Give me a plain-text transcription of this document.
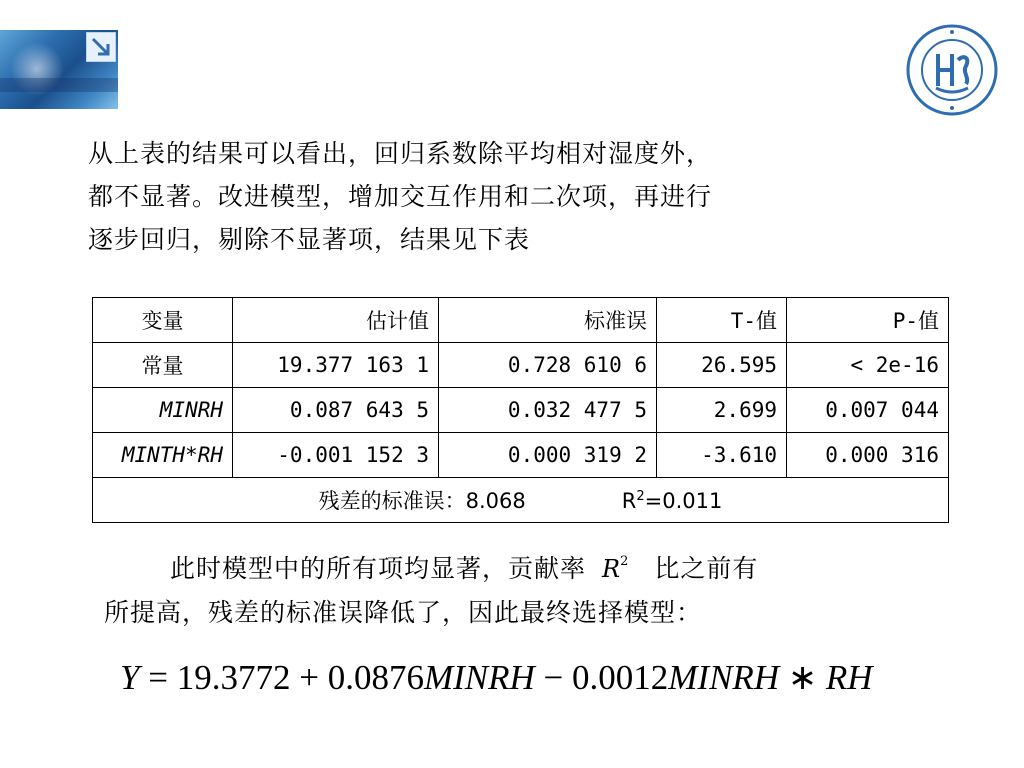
从上表的结果可以看出，回归系数除平均相对湿度外，
都不显著。改进模型，增加交互作用和二次项，再进行
逐步回归，剔除不显著项，结果见下表
变量	估计值	标准误	T-值	P-值
常量	19.377 163 1	0.728 610 6	26.595	< 2e-16
MINRH	0.087 643 5	0.032 477 5	2.699	0.007 044
MINTH*RH	-0.001 152 3	0.000 319 2	-3.610	0.000 316
残差的标准误：8.068 $R^2=0.011$				
此时模型中的所有项均显著，贡献率 $R^2$ 比之前有
所提高，残差的标准误降低了，因此最终选择模型：
Y = 19.3772 + 0.0876MINRH − 0.0012MINRH ∗ RH
